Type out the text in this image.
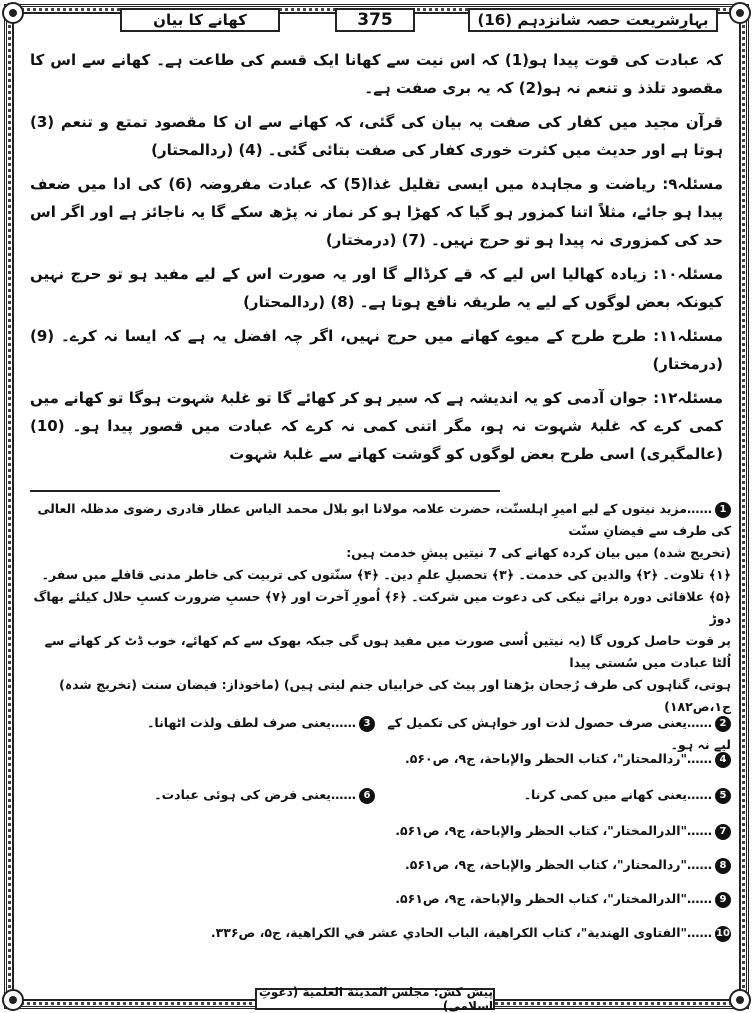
بہارِشریعت حصہ شانزدہم (16)
375
کھانے کا بیان

کہ عبادت کی قوت پیدا ہو(1) کہ اس نیت سے کھانا ایک قسم کی طاعت ہے۔ کھانے سے اس کا مقصود تلذذ و تنعم نہ ہو(2) کہ یہ بری صفت ہے۔

قرآن مجید میں کفار کی صفت یہ بیان کی گئی، کہ کھانے سے ان کا مقصود تمتع و تنعم (3) ہوتا ہے اور حدیث میں کثرت خوری کفار کی صفت بتائی گئی۔ (4) (ردالمحتار)

مسئلہ۹: ریاضت و مجاہدہ میں ایسی تقلیل غذا(5) کہ عبادت مفروضہ (6) کی ادا میں ضعف پیدا ہو جائے، مثلاً اتنا کمزور ہو گیا کہ کھڑا ہو کر نماز نہ پڑھ سکے گا یہ ناجائز ہے اور اگر اس حد کی کمزوری نہ پیدا ہو تو حرج نہیں۔ (7) (درمختار)

مسئلہ۱۰: زیادہ کھالیا اس لیے کہ قے کرڈالے گا اور یہ صورت اس کے لیے مفید ہو تو حرج نہیں کیونکہ بعض لوگوں کے لیے یہ طریقہ نافع ہوتا ہے۔ (8) (ردالمحتار)

مسئلہ۱۱: طرح طرح کے میوے کھانے میں حرج نہیں، اگر چہ افضل یہ ہے کہ ایسا نہ کرے۔ (9) (درمختار)

مسئلہ۱۲: جوان آدمی کو یہ اندیشہ ہے کہ سیر ہو کر کھائے گا تو غلبۂ شہوت ہوگا تو کھانے میں کمی کرے کہ غلبۂ شہوت نہ ہو، مگر اتنی کمی نہ کرے کہ عبادت میں قصور پیدا ہو۔ (10) (عالمگیری) اسی طرح بعض لوگوں کو گوشت کھانے سے غلبۂ شہوت

1……مزید نیتوں کے لیے امیرِ اہلسنّت، حضرت علامہ مولانا ابو بلال محمد الیاس عطار قادری رضوی مدظلہ العالی کی طرف سے فیضانِ سنّت
(تخریج شدہ) میں بیان کردہ کھانے کی 7 نیتیں پیشِ خدمت ہیں:
﴿۱﴾ تلاوت۔ ﴿۲﴾ والدین کی خدمت۔ ﴿۳﴾ تحصیلِ علمِ دین۔ ﴿۴﴾ سنّتوں کی تربیت کی خاطر مدنی قافلے میں سفر۔
﴿۵﴾ علاقائی دورہ برائے نیکی کی دعوت میں شرکت۔ ﴿۶﴾ اُمورِ آخرت اور ﴿۷﴾ حسبِ ضرورت کسبِ حلال کیلئے بھاگ دوڑ
پر قوت حاصل کروں گا (یہ نیتیں اُسی صورت میں مفید ہوں گی جبکہ بھوک سے کم کھائے، خوب ڈٹ کر کھانے سے اُلٹا عبادت میں سُستی پیدا
ہوتی، گناہوں کی طرف رُجحان بڑھتا اور پیٹ کی خرابیاں جنم لیتی ہیں) (ماخوذاز: فیضان سنت (تخریج شدہ) ج۱،ص۱۸۲)
2……یعنی صرف حصول لذت اور خواہش کی تکمیل کے لیے نہ ہو۔
3……یعنی صرف لطف ولذت اٹھانا۔
4……"ردالمحتار"، کتاب الحظر والإباحة، ج۹، ص۵۶۰.
5……یعنی کھانے میں کمی کرنا۔
6……یعنی فرض کی ہوئی عبادت۔
7……"الدرالمختار"، کتاب الحظر والإباحة، ج۹، ص۵۶۱.
8……"ردالمحتار"، کتاب الحظر والإباحة، ج۹، ص۵۶۱.
9……"الدرالمختار"، کتاب الحظر والإباحة، ج۹، ص۵۶۱.
10……"الفتاوى الهندية"، كتاب الكراهية، الباب الحادي عشر في الكراهية، ج۵، ص۳۳۶.
پیش کش: مجلس المدینة العلمیة (دعوتِ اسلامی)
